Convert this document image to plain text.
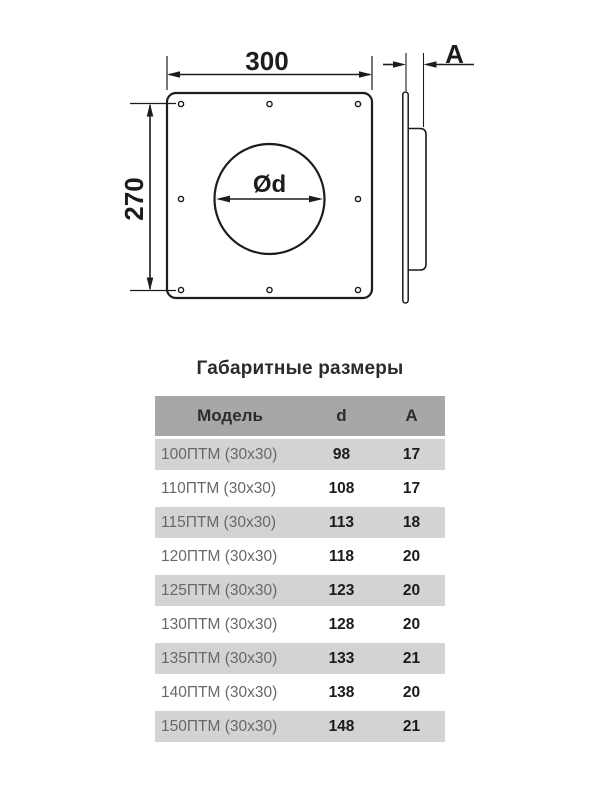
300
270	Ød
A
Габаритные размеры
Модель	d	A
100ПТМ (30x30)	98	17
110ПТМ (30x30)	108	17
115ПТМ (30x30)	113	18
120ПТМ (30x30)	118	20
125ПТМ (30x30)	123	20
130ПТМ (30x30)	128	20
135ПТМ (30x30)	133	21
140ПТМ (30x30)	138	20
150ПТМ (30x30)	148	21
